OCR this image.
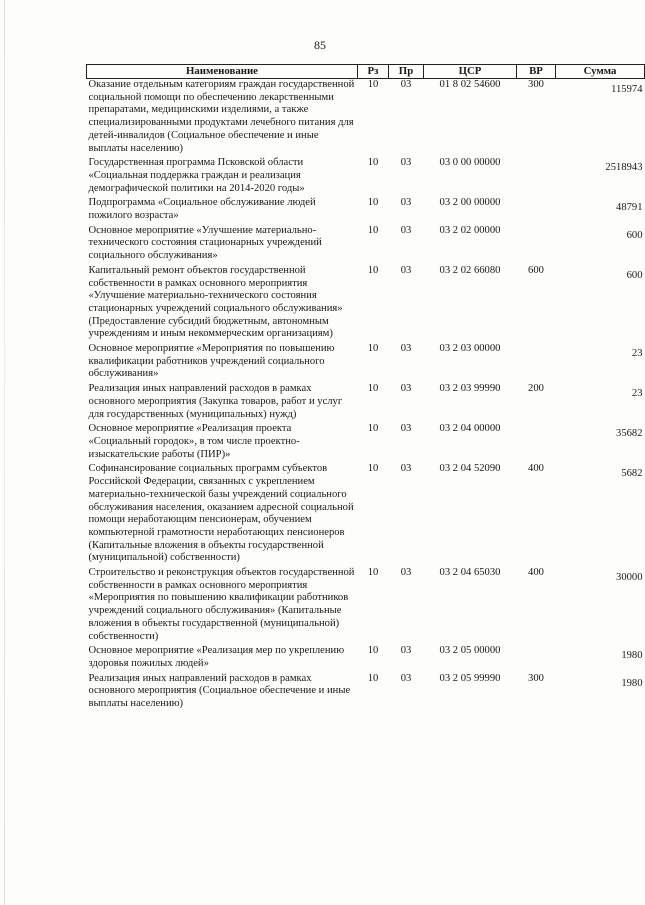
85
Наименование	Рз	Пр	ЦСР	ВР	Сумма
Оказание отдельным категориям граждан государственной социальной помощи по обеспечению лекарственными препаратами, медицинскими изделиями, а также специализированными продуктами лечебного питания для детей-инвалидов (Социальное обеспечение и иные выплаты населению)	10	03	01 8 02 54600	300	115974
Государственная программа Псковской области «Социальная поддержка граждан и реализация демографической политики на 2014-2020 годы»	10	03	03 0 00 00000		2518943
Подпрограмма «Социальное обслуживание людей пожилого возраста»	10	03	03 2 00 00000		48791
Основное мероприятие «Улучшение материально-технического состояния стационарных учреждений социального обслуживания»	10	03	03 2 02 00000		600
Капитальный ремонт объектов государственной собственности в рамках основного мероприятия «Улучшение материально-технического состояния стационарных учреждений социального обслуживания» (Предоставление субсидий бюджетным, автономным учреждениям и иным некоммерческим организациям)	10	03	03 2 02 66080	600	600
Основное мероприятие «Мероприятия по повышению квалификации работников учреждений социального обслуживания»	10	03	03 2 03 00000		23
Реализация иных направлений расходов в рамках основного мероприятия (Закупка товаров, работ и услуг для государственных (муниципальных) нужд)	10	03	03 2 03 99990	200	23
Основное мероприятие «Реализация проекта «Социальный городок», в том числе проектно-изыскательские работы (ПИР)»	10	03	03 2 04 00000		35682
Софинансирование социальных программ субъектов Российской Федерации, связанных с укреплением материально-технической базы учреждений социального обслуживания населения, оказанием адресной социальной помощи неработающим пенсионерам, обучением компьютерной грамотности неработающих пенсионеров (Капитальные вложения в объекты государственной (муниципальной) собственности)	10	03	03 2 04 52090	400	5682
Строительство и реконструкция объектов государственной собственности в рамках основного мероприятия «Мероприятия по повышению квалификации работников учреждений социального обслуживания» (Капитальные вложения в объекты государственной (муниципальной) собственности)	10	03	03 2 04 65030	400	30000
Основное мероприятие «Реализация мер по укреплению здоровья пожилых людей»	10	03	03 2 05 00000		1980
Реализация иных направлений расходов в рамках основного мероприятия (Социальное обеспечение и иные выплаты населению)	10	03	03 2 05 99990	300	1980
